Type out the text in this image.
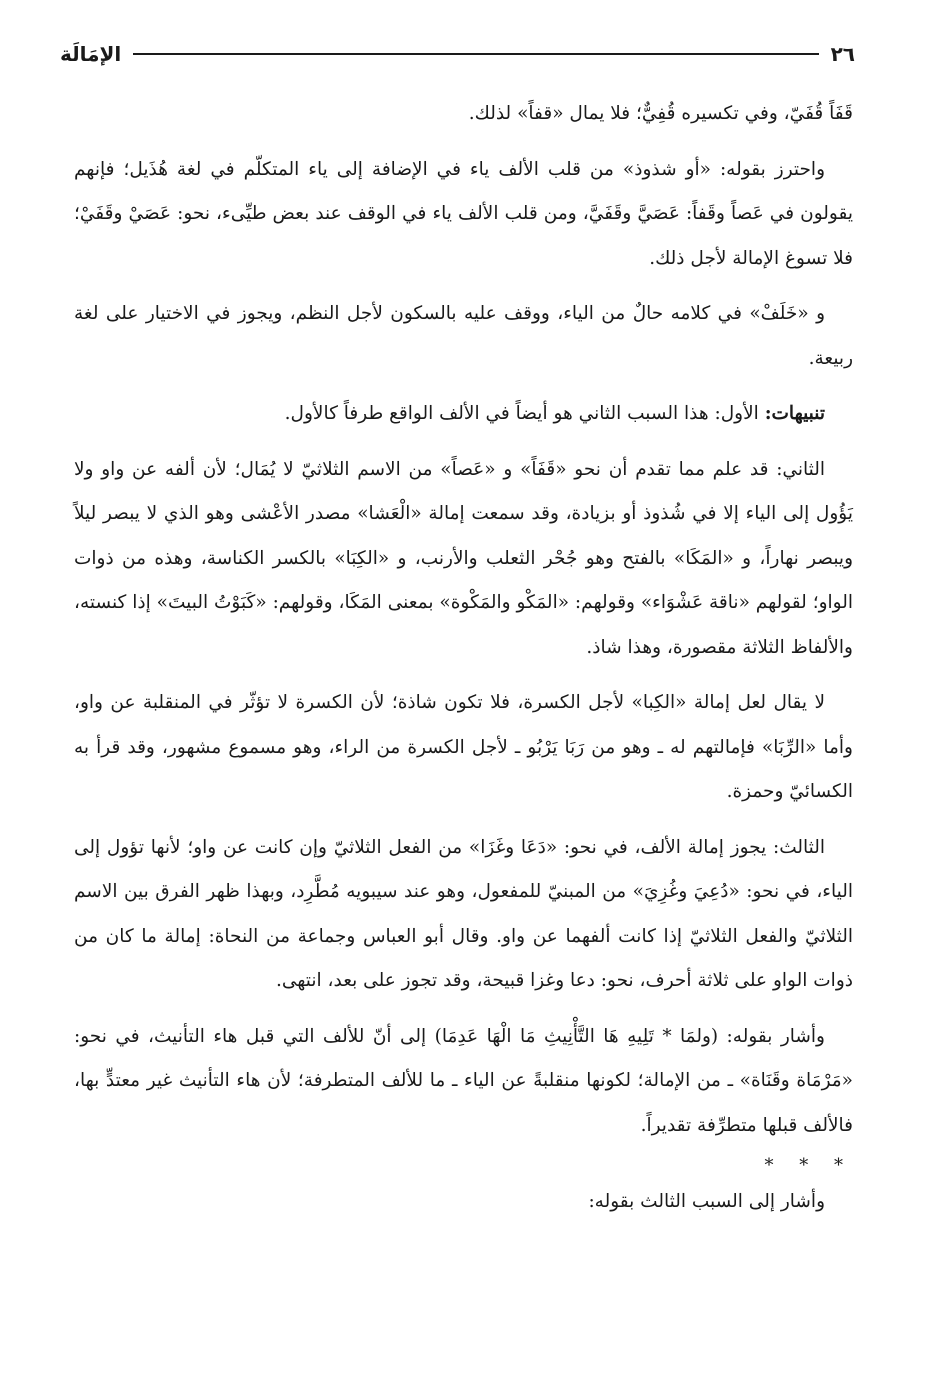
٢٦
الإمَالَة

قَفَاً قُفَيّ، وفي تكسيره قُفِيٌّ؛ فلا يمال «قفاً» لذلك.

واحترز بقوله: «أو شذوذ» من قلب الألف ياء في الإضافة إلى ياء المتكلّم في لغة هُذَيل؛ فإنهم يقولون في عَصاً وقَفاً: عَصَيَّ وقَفَيَّ، ومن قلب الألف ياء في الوقف عند بعض طيِّىء، نحو: عَصَيْ وقَفَيْ؛ فلا تسوغ الإمالة لأجل ذلك.

و «خَلَفْ» في كلامه حالٌ من الياء، ووقف عليه بالسكون لأجل النظم، ويجوز في الاختيار على لغة ربيعة.

تنبيهات: الأول: هذا السبب الثاني هو أيضاً في الألف الواقع طرفاً كالأول.

الثاني: قد علم مما تقدم أن نحو «قَفَاً» و «عَصاً» من الاسم الثلاثيّ لا يُمَال؛ لأن ألفه عن واو ولا يَؤُول إلى الياء إلا في شُذوذ أو بزيادة، وقد سمعت إمالة «الْعَشا» مصدر الأعْشى وهو الذي لا يبصر ليلاً ويبصر نهاراً، و «المَكَا» بالفتح وهو جُحْر الثعلب والأرنب، و «الكِبَا» بالكسر الكناسة، وهذه من ذوات الواو؛ لقولهم «ناقة عَشْوَاء» وقولهم: «المَكْو والمَكْوة» بمعنى المَكَا، وقولهم: «كَبَوْتُ البيتَ» إذا كنسته، والألفاظ الثلاثة مقصورة، وهذا شاذ.

لا يقال لعل إمالة «الكِبا» لأجل الكسرة، فلا تكون شاذة؛ لأن الكسرة لا تؤثّر في المنقلبة عن واو، وأما «الرِّبَا» فإمالتهم له ـ وهو من رَبَا يَرْبُو ـ لأجل الكسرة من الراء، وهو مسموع مشهور، وقد قرأ به الكسائيّ وحمزة.

الثالث: يجوز إمالة الألف، في نحو: «دَعَا وغَزَا» من الفعل الثلاثيّ وإن كانت عن واو؛ لأنها تؤول إلى الياء، في نحو: «دُعِيَ وغُزِيَ» من المبنيّ للمفعول، وهو عند سيبويه مُطَّرِد، وبهذا ظهر الفرق بين الاسم الثلاثيّ والفعل الثلاثيّ إذا كانت ألفهما عن واو. وقال أبو العباس وجماعة من النحاة: إمالة ما كان من ذوات الواو على ثلاثة أحرف، نحو: دعا وغزا قبيحة، وقد تجوز على بعد، انتهى.

وأشار بقوله: (ولمَا * تَلِيهِ هَا التَّأْنِيثِ مَا الْهَا عَدِمَا) إلى أنّ للألف التي قبل هاء التأنيث، في نحو: «مَرْمَاة وقَنَاة» ـ من الإمالة؛ لكونها منقلبةً عن الياء ـ ما للألف المتطرفة؛ لأن هاء التأنيث غير معتدٍّ بها، فالألف قبلها متطرِّفة تقديراً.

* * *

وأشار إلى السبب الثالث بقوله:
